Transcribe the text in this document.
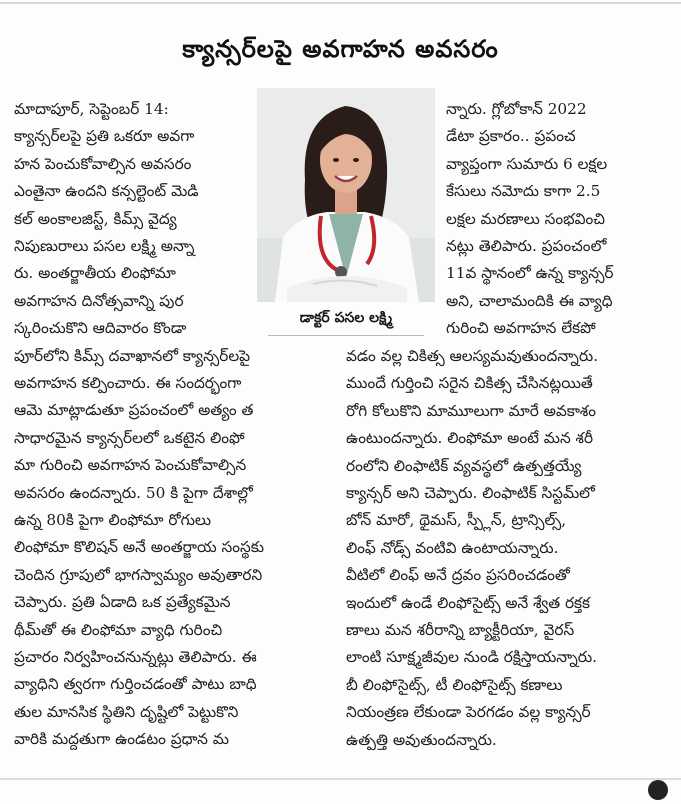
క్యాన్సర్‌లపై అవగాహన అవసరం
మాదాపూర్, సెప్టెంబర్ 14:
క్యాన్సర్‌లపై ప్రతి ఒకరూ అవగా
హన పెంచుకోవాల్సిన అవసరం
ఎంతైనా ఉందని కన్సల్టెంట్ మెడి
కల్ అంకాలజిస్ట్, కిమ్స్ వైద్య
నిపుణురాలు పసల లక్ష్మి అన్నా
రు. అంతర్జాతీయ లింఫోమా
అవగాహన దినోత్సవాన్ని పుర
స్కరించుకొని ఆదివారం కొండా
పూర్‌లోని కిమ్స్ దవాఖానలో క్యాన్సర్‌లపై
అవగాహన కల్పించారు. ఈ సందర్భంగా
ఆమె మాట్లాడుతూ ప్రపంచంలో అత్యం త
సాధారమైన క్యాన్సర్‌లలో ఒకటైన లింఫో
మా గురించి అవగాహన పెంచుకోవాల్సిన
అవసరం ఉందన్నారు. 50 కి పైగా దేశాల్లో
ఉన్న 80కి పైగా లింఫోమా రోగులు
లింఫోమా కొలిషన్ అనే అంతర్జాయ సంస్థకు
చెందిన గ్రూపులో భాగస్వామ్యం అవుతారని
చెప్పారు. ప్రతి ఏడాది ఒక ప్రత్యేకమైన
థీమ్‌తో ఈ లింఫోమా వ్యాధి గురించి
ప్రచారం నిర్వహించనున్నట్లు తెలిపారు. ఈ
వ్యాధిని త్వరగా గుర్తించడంతో పాటు బాధి
తుల మానసిక స్థితిని దృష్టిలో పెట్టుకొని
వారికి మద్దతుగా ఉండటం ప్రధాన మ
డాక్టర్ పసల లక్ష్మి
న్నారు. గ్లోబోకాన్ 2022
డేటా ప్రకారం.. ప్రపంచ
వ్యాప్తంగా సుమారు 6 లక్షల
కేసులు నమోదు కాగా 2.5
లక్షల మరణాలు సంభవించి
నట్లు తెలిపారు. ప్రపంచంలో
11వ స్థానంలో ఉన్న క్యాన్సర్
అని, చాలామందికి ఈ వ్యాధి
గురించి అవగాహన లేకపో
వడం వల్ల చికిత్స ఆలస్యమవుతుందన్నారు.
ముందే గుర్తించి సరైన చికిత్స చేసినట్లయితే
రోగి కోలుకొని మామూలుగా మారే అవకాశం
ఉంటుందన్నారు. లింఫోమా అంటే మన శరీ
రంలోని లింఫాటిక్ వ్యవస్థలో ఉత్పత్తయ్యే
క్యాన్సర్ అని చెప్పారు. లింఫాటిక్ సిస్టమ్‌లో
బోన్ మారో, థైమస్, స్ప్లీన్, ట్రాన్సిల్స్,
లింఫ్ నోడ్స్ వంటివి ఉంటాయన్నారు.
వీటిలో లింఫ్ అనే ద్రవం ప్రసరించడంతో
ఇందులో ఉండే లింఫోసైట్స్ అనే శ్వేత రక్తక
ణాలు మన శరీరాన్ని బ్యాక్టీరియా, వైరస్
లాంటి సూక్ష్మజీవుల నుండి రక్షిస్తాయన్నారు.
బీ లింఫోసైట్స్, టీ లింఫోసైట్స్ కణాలు
నియంత్రణ లేకుండా పెరగడం వల్ల క్యాన్సర్
ఉత్పత్తి అవుతుందన్నారు.
